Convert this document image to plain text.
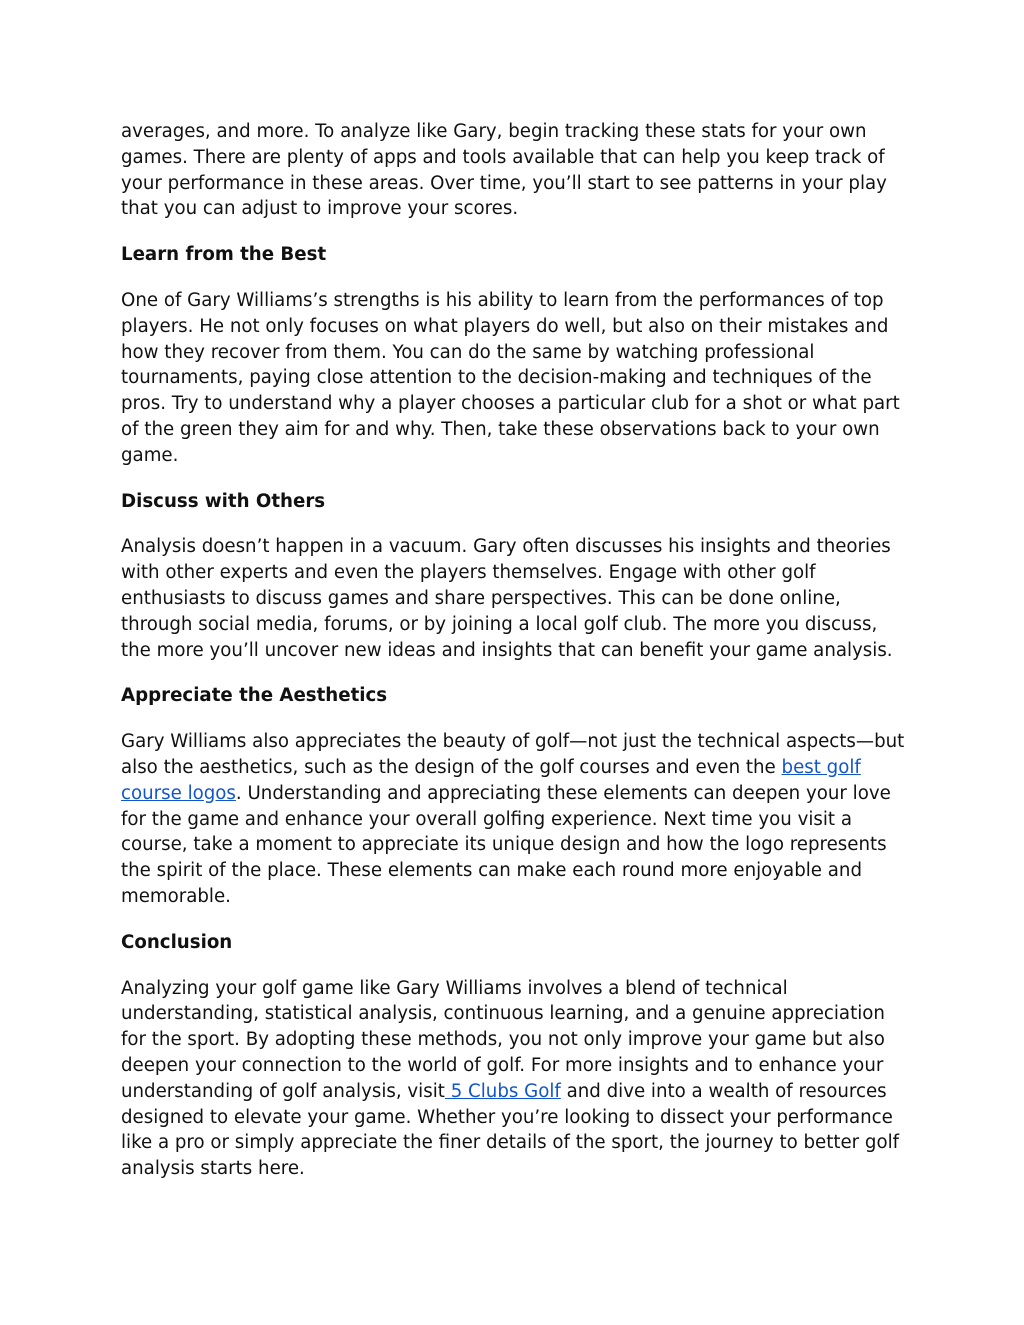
averages, and more. To analyze like Gary, begin tracking these stats for your own games. There are plenty of apps and tools available that can help you keep track of your performance in these areas. Over time, you’ll start to see patterns in your play that you can adjust to improve your scores.

Learn from the Best

One of Gary Williams’s strengths is his ability to learn from the performances of top players. He not only focuses on what players do well, but also on their mistakes and how they recover from them. You can do the same by watching professional tournaments, paying close attention to the decision-making and techniques of the pros. Try to understand why a player chooses a particular club for a shot or what part of the green they aim for and why. Then, take these observations back to your own game.

Discuss with Others

Analysis doesn’t happen in a vacuum. Gary often discusses his insights and theories with other experts and even the players themselves. Engage with other golf enthusiasts to discuss games and share perspectives. This can be done online, through social media, forums, or by joining a local golf club. The more you discuss, the more you’ll uncover new ideas and insights that can benefit your game analysis.

Appreciate the Aesthetics

Gary Williams also appreciates the beauty of golf—not just the technical aspects—but also the aesthetics, such as the design of the golf courses and even the best golf course logos. Understanding and appreciating these elements can deepen your love for the game and enhance your overall golfing experience. Next time you visit a course, take a moment to appreciate its unique design and how the logo represents the spirit of the place. These elements can make each round more enjoyable and memorable.

Conclusion

Analyzing your golf game like Gary Williams involves a blend of technical understanding, statistical analysis, continuous learning, and a genuine appreciation for the sport. By adopting these methods, you not only improve your game but also deepen your connection to the world of golf. For more insights and to enhance your understanding of golf analysis, visit 5 Clubs Golf and dive into a wealth of resources designed to elevate your game. Whether you’re looking to dissect your performance like a pro or simply appreciate the finer details of the sport, the journey to better golf analysis starts here.
